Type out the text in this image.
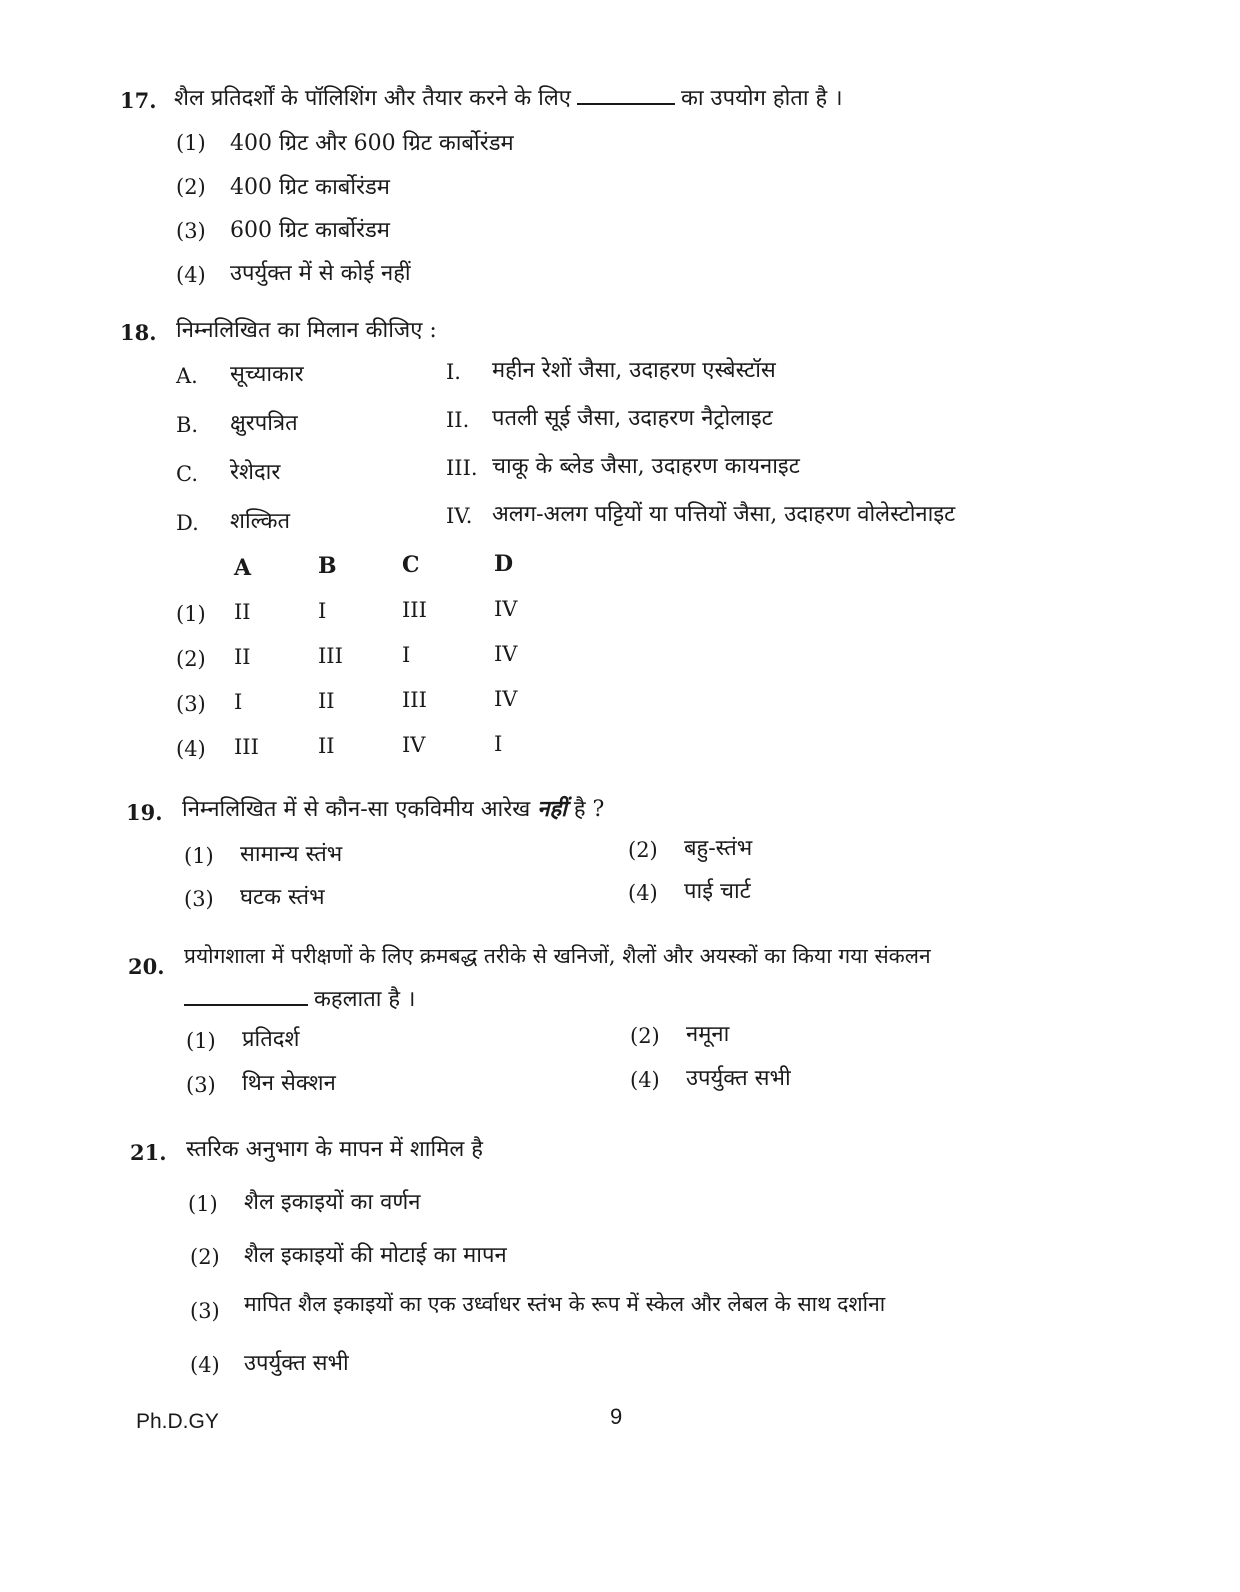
17. शैल प्रतिदर्शों के पॉलिशिंग और तैयार करने के लिए	का उपयोग होता है ।
(1) 400 ग्रिट और 600 ग्रिट कार्बोरंडम
(2) 400 ग्रिट कार्बोरंडम
(3) 600 ग्रिट कार्बोरंडम
(4) उपर्युक्त में से कोई नहीं
18. निम्नलिखित का मिलान कीजिए :
A. सूच्याकार	I. महीन रेशों जैसा, उदाहरण एस्बेस्टॉस
B. क्षुरपत्रित	II. पतली सूई जैसा, उदाहरण नैट्रोलाइट
C. रेशेदार	III. चाकू के ब्लेड जैसा, उदाहरण कायनाइट
D. शल्कित	IV. अलग-अलग पट्टियों या पत्तियों जैसा, उदाहरण वोलेस्टोनाइट
A	B	C	D
(1) II	I	III	IV
(2) II	III	I	IV
(3) I	II	III	IV
(4) III	II	IV	I
19. निम्नलिखित में से कौन-सा एकविमीय आरेख नहीं है ?
(1) सामान्य स्तंभ	(2) बहु-स्तंभ
(3) घटक स्तंभ	(4) पाई चार्ट
20. प्रयोगशाला में परीक्षणों के लिए क्रमबद्ध तरीके से खनिजों, शैलों और अयस्कों का किया गया संकलन
कहलाता है ।
(1) प्रतिदर्श	(2) नमूना
(3) थिन सेक्शन	(4) उपर्युक्त सभी
21. स्तरिक अनुभाग के मापन में शामिल है
(1) शैल इकाइयों का वर्णन
(2) शैल इकाइयों की मोटाई का मापन
(3) मापित शैल इकाइयों का एक उर्ध्वाधर स्तंभ के रूप में स्केल और लेबल के साथ दर्शाना
(4) उपर्युक्त सभी
Ph.D.GY	9
